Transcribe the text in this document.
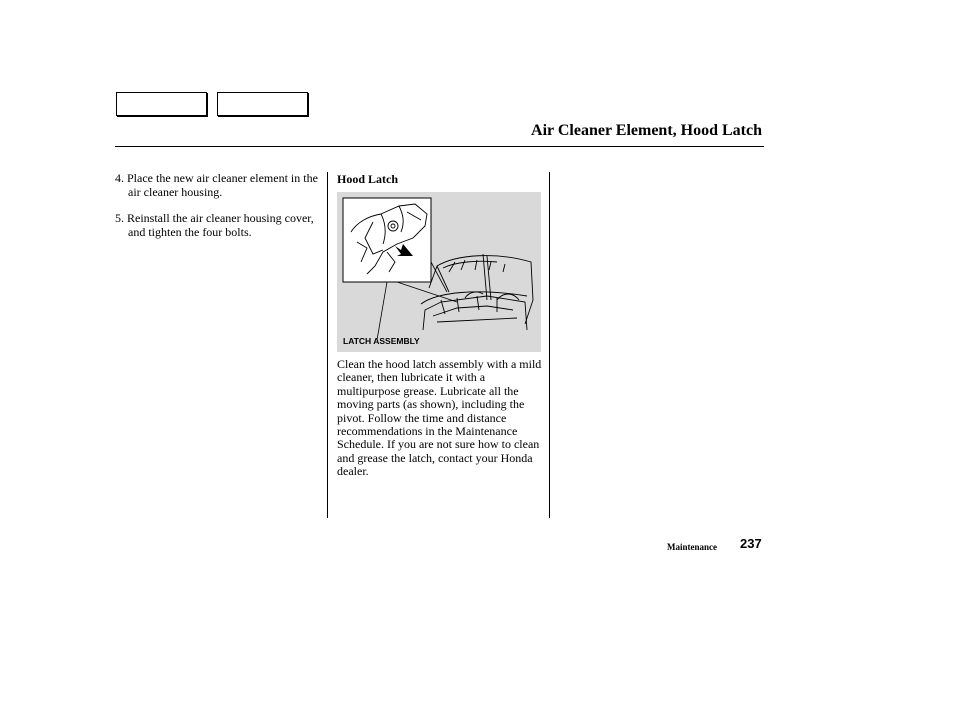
Air Cleaner Element, Hood Latch
4. Place the new air cleaner element in the air cleaner housing.
5. Reinstall the air cleaner housing cover, and tighten the four bolts.
Hood Latch
LATCH ASSEMBLY
Clean the hood latch assembly with a mild cleaner, then lubricate it with a multipurpose grease. Lubricate all the moving parts (as shown), including the pivot. Follow the time and distance recommendations in the Maintenance Schedule. If you are not sure how to clean and grease the latch, contact your Honda dealer.
Maintenance 237
